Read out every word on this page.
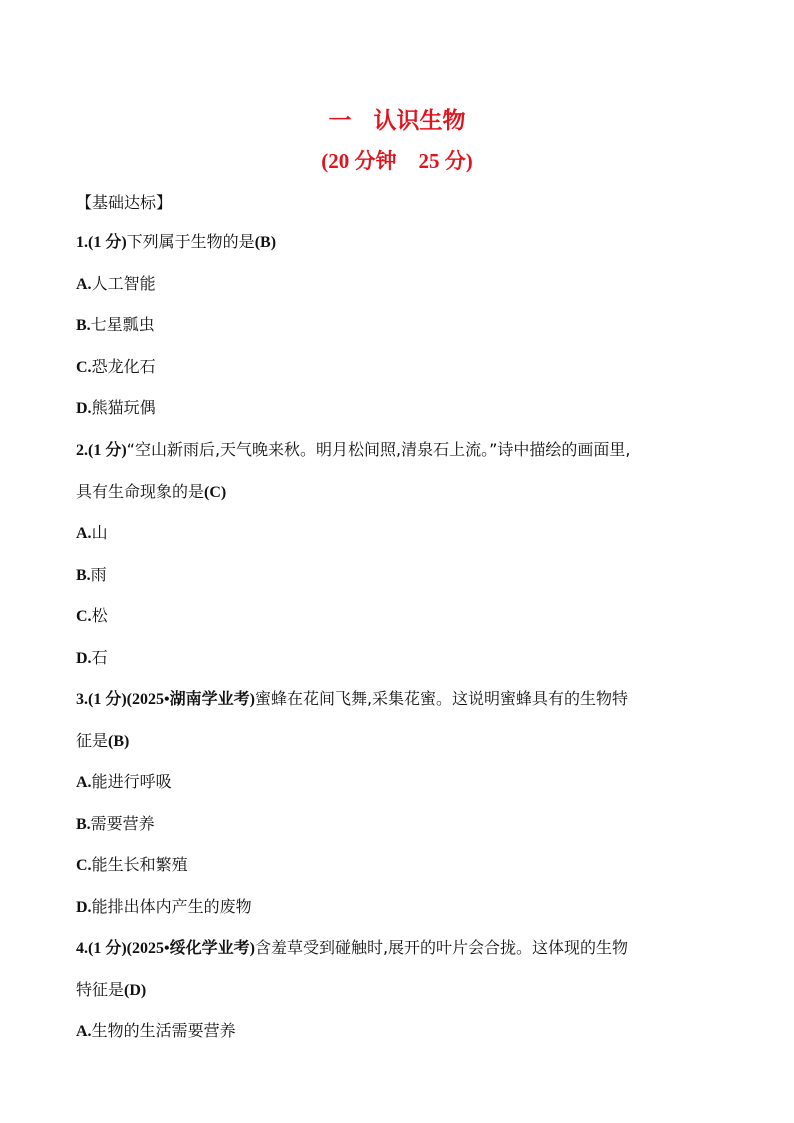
一 认识生物
(20 分钟 25 分)
【基础达标】
1.(1 分)下列属于生物的是(B)
A.人工智能
B.七星瓢虫
C.恐龙化石
D.熊猫玩偶
2.(1 分)“空山新雨后,天气晚来秋。明月松间照,清泉石上流。”诗中描绘的画面里,
具有生命现象的是(C)
A.山
B.雨
C.松
D.石
3.(1 分)(2025•湖南学业考)蜜蜂在花间飞舞,采集花蜜。这说明蜜蜂具有的生物特
征是(B)
A.能进行呼吸
B.需要营养
C.能生长和繁殖
D.能排出体内产生的废物
4.(1 分)(2025•绥化学业考)含羞草受到碰触时,展开的叶片会合拢。这体现的生物
特征是(D)
A.生物的生活需要营养
